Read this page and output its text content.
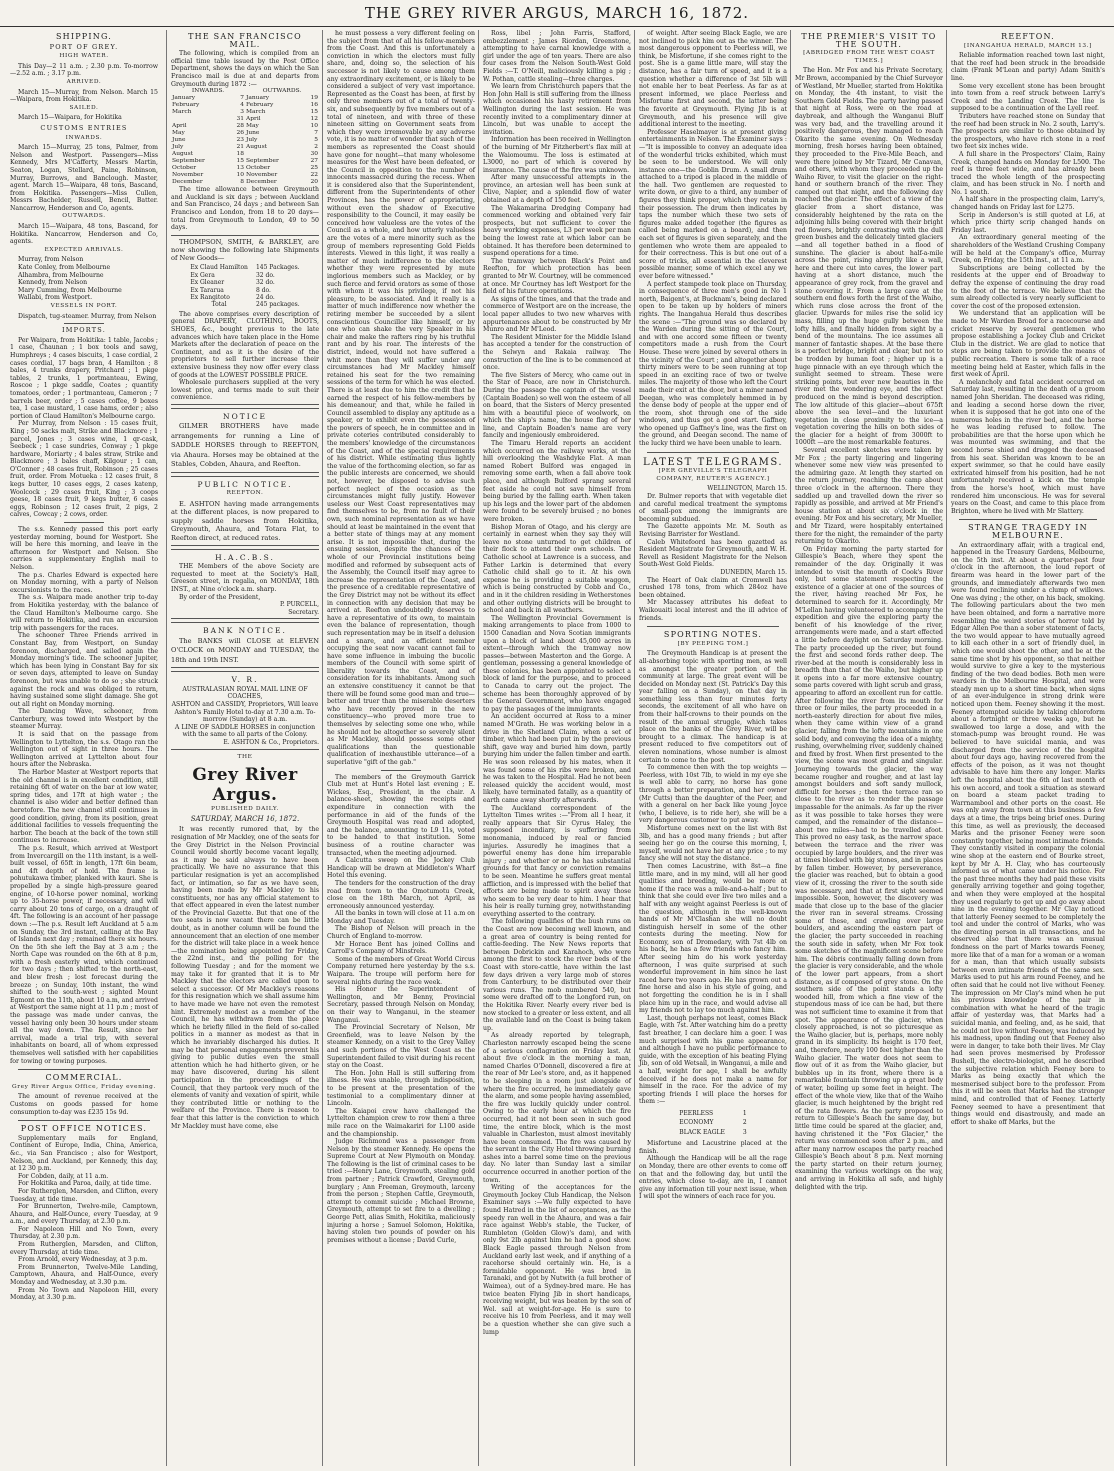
THE GREY RIVER ARGUS, MARCH 16, 1872.
SHIPPING.
PORT OF GREY.
HIGH WATER.

This Day—2 11 a.m. ; 2.30 p.m. To-morrow—2.52 a.m. ; 3.17 p.m.

ARRIVED.

March 15—Murray, from Nelson. March 15—Waipara, from Hokitika.

SAILED.

March 15—Waipara, for Hokitika

CUSTOMS ENTRIES
INWARDS.

March 15—Murray, 25 tons, Palmer, from Nelson and Westport. Passengers—Miss Kennedy, Mrs M'Cafferty, Messrs Martin, Seaton, Logan, Stellard, Paine, Robinson, Murray, Burrows, and Banclough. Master, agent. March 15—Waipara, 48 tons, Bascand, from Hokitika. Passengers—Miss Cullen, Messrs Bachelder, Russell, Bencil, Batter. Nancarrow, Henderson and Co, agents.

OUTWARDS.

March 15—Waipara, 48 tons, Bascand, for Hokitika. Nancarrow, Henderson and Co, agents.

EXPECTED ARRIVALS.

Murray, from Nelson

Kate Conley, from Melbourne

Alhambra, from Melbourne

Kennedy, from Nelson

Mary Cumming, from Melbourne

Wallabi, from Westport.

VESSELS IN PORT.

Dispatch, tug-steamer. Murray, from Nelson

IMPORTS.

Per Waipara, from Hokitika: 1 table, Jacobs ; 1 case, Chaunan ; 1 box tools and sawg, Humphreys ; 4 cases biscuits, 1 case cordial, 2 cases cordial, 17 bags bran, 4 Hamilton ; 8 bales, 4 trunks drapery, Pritchard ; 1 pkge tables, 2 trunks, 1 portmanteau, Ewing, Roscoe ; 1 pkge saddle, Coates ; quantity tomatoes, order ; 1 portmanteau, Cameron ; 7 barrels beer, order ; 5 cases coffee, 9 boxes tea, 1 case mustard, 1 case hams, order ; also portion of Claud Hamilton's Melbourne cargo.

Per Murray, from Nelson : 15 cases fruit, King ; 50 sacks malt, Strike and Blackmore ; 1 parcel, Jones ; 3 cases wine, 1 qr-cask, Seebeck ; 1 case sundries, Conway ; 1 pkge hardware, Moriarty ; 4 bales straw, Strike and Blackmore ; 3 bales chaff, Kilgour ; 1 can, O'Conner ; 48 cases fruit, Robinson ; 25 cases fruit, order. From Motueka : 12 cases fruit, 8 kegs butter, 10 cases eggs, 2 cases katenp, Woolcock ; 29 cases fruit, King ; 3 coops geese, 18 cases fruit, 9 kegs butter, 6 cases eggs, Robinson ; 12 cases fruit, 2 pigs, 2 calves, Cowcay ; 2 cows, order.

The s.s. Kennedy passed this port early yesterday morning, bound for Westport. She will be here this morning, and leave in the afternoon for Westport and Nelson. She carries a supplementary English mail to Nelson.

The p.s. Charles Edward is expected here on Monday morning, with a party of Nelson excursionists to the races.

The s.s. Waipara made another trip to-day from Hokitika yesterday, with the balance of the Claud Hamilton's Melbourne cargo. She will return to Hokitika, and run an excursion trip with passengers for the races.

The schooner Three Friends arrived in Constant Bay, from Westport, on Sunday forenoon, discharged, and sailed again the Monday morning's tide. The schooner Jupiter, which has been lying in Constant Bay for six or seven days, attempted to leave on Sunday forenoon, but was unable to do so ; she struck against the rock and was obliged to return, having sustained some slight damage. She got out all right on Monday morning.

The Dancing Wave, schooner, from Canterbury, was towed into Westport by the steamer Murray.

It is said that on the passage from Wellington to Lyttelton, the s.s. Otago ran the Wellington out of sight in three hours. The Wellington arrived at Lyttelton about four hours after the Nebraska.

The Harbor Master at Westport reports that the old channel is in excellent condition, still retaining 6ft of water on the bar at low water, spring tides, and 17ft at high water ; the channel is also wider and better defined than heretofore. The new channel still continues in good condition, giving, from its position, great additional facilities to vessels frequenting the harbor. The beach at the back of the town still continues to increase.

The p.s. Result, which arrived at Westport from Invercargill on the 11th instant, is a well-built vessel, of 65ft in length, 17ft 6in beam, and 4ft depth of hold. The frame is pohutukawa timber, planked with kauri. She is propelled by a single high-pressure geared engine, of 10-horse power nominal, working up to 35-horse power, if necessary, and will carry about 20 tons of cargo, on a draught of 4ft. The following is an account of her passage down :—The p.s. Result left Auckland at 5 a.m on Sunday, the 3rd instant, calling at the Bay of Islands next day ; remained there six hours. On the 5th she left the Bay at 3 a.m ; the North Cape was rounded on the 6th at 8 p.m, with a fresh easterly wind, which continued for two days ; then shifted to the north-east, and blew fresh ; lost forecast during the breeze ; on Sunday, 10th instant, the wind shifted to the south-west ; sighted Mount Egmont on the 11th, about 10 a.m, and arrived at Westport the same night at 11 p.m ; most of the passage was made under canvas, the vessel having only been 30 hours under steam all the way down. The Result, since her arrival, made a trial trip, with several inhabitants on board, all of whom expressed themselves well satisfied with her capabilities for towing or towing purposes.

COMMERCIAL.
Grey River Argus Office, Friday evening.

The amount of revenue received at the Customs on goods passed for home consumption to-day was £235 15s 9d.

POST OFFICE NOTICES.

Supplementary mails for England, Continent of Europe, India, China, America, &c., via San Francisco ; also for Westport, Nelson, and Auckland, per Kennedy, this day, at 12 30 p.m.

For Cobden, daily, at 11 a.m.

For Hokitika and Paroa, daily, at tide time.

For Rutherglen, Marsden, and Clifton, every Tuesday, at tide time.

For Brunnerton, Twelve-mile, Camptown, Ahaura, and Half-Ounce, every Tuesday, at 9 a.m., and every Thursday, at 2.30 p.m.

For Napoleon Hill and No Town, every Thursday, at 2.30 p.m.

From Rutherglen, Marsden, and Clifton, every Thursday, at tide time.

From Arnold, every Wednesday, at 3 p.m.

From Brunnerton, Twelve-Mile Landing, Camptown, Ahaura, and Half-Ounce, every Monday and Wednesday, at 3.30 p.m.

From No Town and Napoleon Hill, every Monday, at 3.30 p.m.

THE SAN FRANCISCO MAIL.

The following, which is compiled from an official time table issued by the Post Office Department, shows the days on which the San Francisco mail is due at and departs from Greymouth during 1872 :—

INWARDS.		OUTWARDS.	
January	7	January	19
February	4	February	16
March	3	March	15
	31	April	12
April	28	May	10
May	26	June	7
June	23	July	5
July	21	August	2
August	18		30
September	15	September	27
October	13	October	25
November	10	November	22
December	8	December	20

The time allowance between Greymouth and Auckland is six days ; between Auckland and San Francisco, 24 days ; and between San Francisco and London, from 18 to 20 days—total from Greymouth to London, 49 to 50 days.

THOMPSON, SMITH, & BARKLEY, are now showing the following late Shipments of New Goods—

Ex Claud Hamilton	145 Packages.
Ex Gera	32 do.
Ex Gleaner	32 do.
Ex Tararua	8 do.
Ex Rangitoto	24 do.
Total	245 packages.

The above comprises every description of general DRAPERY, CLOTHING, BOOTS, SHOES, &c., bought previous to the late advances which have taken place in the Home Markets after the declaration of peace on the Continent, and as it is the desire of the proprietors to sell further increase their extensive business they now offer every class of goods at the LOWEST POSSIBLE PRICE.

Wholesale purchasers supplied at the very lowest price, and terms made to suit their convenience.

NOTICE

GILMER BROTHERS have made arrangements for running a Line of SADDLE HORSES through to REEFTON, via Ahaura. Horses may be obtained at the Stables, Cobden, Ahaura, and Reefton.

PUBLIC NOTICE.
REEFTON.

E. ASHTON having made arrangements at the different places, is now prepared to supply saddle horses from Hokitika, Greymouth, Ahaura, and Totara Flat, to Reefton direct, at reduced rates.

H.A.C.B.S.

THE Members of the above Society are requested to meet at the Society's Hall, Greeson street, in regalia, on MONDAY, 18th INST., at Nine o'clock a.m. sharp.

By order of the President,

P. PURCELL,

Secretary.

BANK NOTICE.

The BANKS will CLOSE at ELEVEN O'CLOCK on MONDAY and TUESDAY, the 18th and 19th INST.

V. R.

AUSTRALASIAN ROYAL MAIL LINE OF COACHES,

ASHTON and CASSIDY, Proprietors, Will leave Ashton's Family Hotel to-day at 7.30 a.m. To-morrow (Sunday) at 8 a.m.

A LINE OF SADDLE HORSES in conjunction with the same to all parts of the Colony.

E. ASHTON & Co., Proprietors.

THE
Grey River Argus.
PUBLISHED DAILY.
SATURDAY, MARCH 16, 1872.

It was recently rumored that, by the resignation of Mr Mackley, one of the seats for the Grey District in the Nelson Provincial Council would shortly become vacant legally, as it may be said always to have been practically. We have no assurance that this particular resignation is yet an accomplished fact, or intimation, so far as we have seen, having been made by Mr Mackley to his constituents, nor has any official statement to that effect appeared in even the latest number of the Provincial Gazette. But that one of the two seats is now vacant there can be little doubt, as in another column will be found the announcement that an election of one member for the district will take place in a week hence—the nomination being appointed for Friday, the 22nd inst., and the polling for the following Tuesday ; and for the moment we may take it for granted that it is to Mr Mackley that the electors are called upon to select a successor. Of Mr Mackley's reasons for this resignation which we shall assume him to have made we have not even the remotest hint. Extremely modest as a member of the Council, he has withdrawn from the place which he briefly filled in the field of so-called politics in a manner as modest as that in which he invariably discharged his duties. It may be that personal engagements prevent his giving to public duties even the small attention which he had hitherto given, or he may have discovered, during his silent participation in the proceedings of the Council, that they partook very much of the elements of vanity and vexation of spirit, while they contributed little or nothing to the welfare of the Province. There is reason to fear that this latter is the conviction to which Mr Mackley must have come, else

he must possess a very different feeling on the subject from that of all his fellow-members from the Coast. And this is unfortunately a conviction in which the electors must fully share, and, doing so, the selection of his successor is not likely to cause among them any extraordinary excitement, or is likely to be considered a subject of very vast importance. Represented as the Coast has been, at first by only three members out of a total of twenty-six, and subsequently by five members out of a total of nineteen, and with three of these nineteen sitting on Government seats from which they were irremovable by any adverse vote, it is no matter of wonder that such of the members as represented the Coast should have gone for nought—that many wholesome measures for the West have been defeated, or the Council in opposition to the number of innocents massacred during the recess. When it is considered also that the Superintendent, different from the Superintendents of other Provinces, has the power of appropriating, without even the shadow of Executive responsibility to the Council, it may easily be conceived how valueless are the votes of the Council as a whole, and how utterly valueless are the votes of a mere minority such as the group of members representing Gold Fields interests. Viewed in this light, it was really a matter of much indifference to the electors whether they were represented by mute inglorious members such as Mackley, or by such fierce and fervid orators as some of those with whom it was his privilege, if not his pleasure, to be associated. And it really is a matter of much indifference now whether the retiring member be succeeded by a silent conscientious Councillor like himself, or by one who can shake the very Speaker in his chair and make the rafters ring by his truthful rant and by his roar. The interests of the district, indeed, would not have suffered a whit more than they will suffer under any circumstances had Mr Mackley himself retained his seat for the two remaining sessions of the term for which he was elected. There is at least due to him the credit that he earned the respect of his fellow-members by his demeanour, and that, while he failed in Council assembled to display any aptitude as a speaker, or to exhibit even the possession of the powers of speech, he in committee and in private coteries contributed considerably to the members' knowledge of the circumstances of the Coast, and of the special requirements of his district. While estimating thus lightly the value of the forthcoming election, so far as the public interests are concerned, we should not, however, be disposed to advise such perfect neglect of the occasion as the circumstances might fully justify. However useless our West Coast representatives may find themselves to be, from no fault of their own, such nominal representation as we have should at least be maintained in the event that a better state of things may at any moment arise. It is not impossible that, during the ensuing session, despite the chances of the whole of our Provincial institutions being modified and reformed by subsequent acts of the Assembly, the Council itself may agree to increase the representation of the Coast, and the presence of a creditable representative of the Grey District may not be without its effect in connection with any decision that may be arrived at. Reefton undoubtedly deserves to have a representative of its own, to maintain even the balance of representation, though such representation may be in itself a delusion and a snare, and an efficient member occupying the seat now vacant cannot fail to have some influence in imbuing the bucolic members of the Council with some spirit of liberality towards the Coast, and of consideration for its inhabitants. Among such an extensive constituency it cannot be that there will be found some good man and true—better and truer than the miserable deserters who have recently proved in the new constituency—who proved more true to themselves by selecting some one who, while he should not be altogether so severely silent as Mr Mackley, should possess some other qualifications than the questionable qualification of inexhaustible utterance—of a superlative "gift of the gab."

The members of the Greymouth Garrick Club met at Hunt's Hotel last evening ; E. Wickes, Esq., President, in the chair. A balance-sheet, showing the receipts and expenditure in connection with the performance in aid of the funds of the Greymouth Hospital was read and adopted, and the balance, amounting to L9 11s, voted to be handed to that institution. Some business of a routine character was transacted, when the meeting adjourned.

A Calcutta sweep on the Jockey Club Handicap will be drawn at Middleton's Wharf Hotel this evening.

The tenders for the construction of the dray road from town to the Omotumotu Creek, close on the 18th March, not April, as erroneously announced yesterday.

All the banks in town will close at 11 a.m on Monday and Tuesday.

The Bishop of Nelson will preach in the Church of England to-morrow.

Mr Horace Bent has joined Collins and Carroll's Company of Minstrels.

Some of the members of Great World Circus Company returned here yesterday by the s.s. Waipara. The troupe will perform here for several nights during the race week.

His Honor the Superintendent of Wellington, and Mr Benny, Provincial Secretary, passed through Nelson on Monday, on their way to Wanganui, in the steamer Wanganui.

The Provincial Secretary of Nelson, Mr Greenfield, was to leave Nelson by the steamer Kennedy, on a visit to the Grey Valley and such portions of the West Coast as the Superintendent failed to visit during his recent stay on the Coast.

The Hon. John Hall is still suffering from illness. He was unable, through indisposition, to be present at the presentation of the testimonial to a complimentary dinner at Lincoln.

The Kaiapoi crew have challenged the Lyttelton champion crew to row them a three mile race on the Waimakariri for L100 aside and the championship.

Judge Richmond was a passenger from Nelson by the steamer Kennedy. He opens the Supreme Court at New Plymouth on Monday. The following is the list of criminal cases to be tried :—Henry Lane, Greymouth, stealing gold from partner ; Patrick Crawford, Greymouth, burglary ; Ann Freeman, Greymouth, larceny from the person ; Stephen Cattle, Greymouth, attempt to commit suicide ; Michael Browne, Greymouth, attempt to set fire to a dwelling ; George Pett, alias Smith, Hokitika, maliciously injuring a horse ; Samuel Solomon, Hokitika, having stolen two pounds of powder on his premises without a license ; David Curle,

Ross, libel ; John Farris, Stafford, embezzlement ; James Riordan, Greenstone, attempting to have carnal knowledge with a girl under the age of ten years. There are also four cases from the Nelson South-West Gold Fields :—T. O'Neill, maliciously killing a pig ; W. Pothan, cattle stealing—three charges.

We learn from Christchurch papers that the Hon John Hall is still suffering from the illness which occasioned his hasty retirement from Wellington during the last session. He was recently invited to a complimentary dinner at Lincoln, but was unable to accept the invitation.

Information has been received in Wellington of the burning of Mr Fitzherbert's flax mill at the Waiomoumu. The loss is estimated at L3000, no part of which is covered by insurance. The cause of the fire was unknown.

After many unsuccessful attempts in the province, an artesian well has been sunk at Clive, Napier, and a splendid flow of water obtained at a depth of 150 feet.

The Wakamarina Dredging Company had commenced working and obtained very fair prospects, but not sufficient to cover the heavy working expenses, L3 per week per man being the lowest rate at which labor can be obtained. It has therefore been determined to suspend operations for a time.

The tramway between Black's Point and Reefton, for which protection has been granted to Mr W. Courtney, will be commenced at once. Mr Courtney has left Westport for the field of his future operations.

As signs of the times, and that the trade and commerce of Westport are on the increase, the local paper alludes to two new wharves with appurtenances about to be constructed by Mr Munro and Mr M'Leod.

The Resident Minister for the Middle Island has accepted a tender for the construction of the Selwyn and Rakaia railway. The construction of the line is to be commenced at once.

The five Sisters of Mercy, who came out in the Star of Peace, are now in Christchurch. During the passage the captain of the vessel (Captain Boaden) so well won the esteem of all on board, that the Sisters of Mercy presented him with a beautiful piece of woolwork, on which the ship's name, the house flag of her line, and Captain Boaden's name are very fancily and ingeniously embroidered.

The Timaru Herald reports an accident which occurred on the railway works, at the hill overlooking the Washdyke Flat. A man named Robert Bulford was engaged in removing some earth, when a fall above took place, and although Bulford sprang several feet aside he could not save himself from being buried by the falling earth. When taken up his legs and the lower part of the abdomen were found to be severely bruised ; no bones were broken.

Bishop Moran of Otago, and his clergy are certainly in earnest when they say they will leave no stone unturned to get children of their flock to attend their own schools. The Catholic school at Lawrence is a success, and Father Larkin is determined that every Catholic child shall go to it. At his own expense he is providing a suitable waggon, which is being constructed by Cobb and Co., and in it the children residing in Wetherstones and other outlying districts will be brought to school and back in all weathers.

The Wellington Provincial Government is making arrangements to place from 1000 to 1500 Canadian and Nova Scotian immigrants upon a block of land about 45,000 acres in extent—through which the tramway now passes—between Masterton and the Gorge. A gentleman, possessing a general knowledge of these colonies, has been appointed to select a block of land for the purpose, and to proceed to Canada to carry out the project. The scheme has been thoroughly approved of by the General Government, who have engaged to pay the passages of the immigrants.

An accident occurred at Ross to a miner named M'Grath. He was working below in a drive in the Shetland Claim, when a set of timber, which had been put in by the previous shift, gave way and buried him down, partly burying him under the fallen timber and earth. He was soon released by his mates, when it was found some of his ribs were broken, and he was taken to the Hospital. Had he not been released quickly the accident would, most likely, have terminated fatally, as a quantity of earth came away shortly afterwards.

The Auckland correspondent of the Lyttelton Times writes :—"From all I hear, it really appears that Sir Cyrus Haley, the supposed incendiary, is suffering from monomania, induced by real or fancied injuries. Assuredly he imagines that a powerful enemy has done him irreparable injury ; and whether or no he has substantial grounds for that fancy or conviction remains to be seen. Meantime he suffers great mental affliction, and is impressed with the belief that efforts are being made to spirit away those who seem to be very dear to him. I hear that his heir is really turning grey, notwithstanding everything asserted to the contrary.

The following qualifies of the bush runs on the Coast are now becoming well known, and a great area of country is being rented for cattle-feeding. The New News reports that between Dobrickin and Karahoch, who were among the first to stock the river beds of the Coast with store-cattle, have within the last few days driven a very large mob of stores from Canterbury, to be distributed over their various runs. The mob numbered 540, but some were drafted off to the Longford run, on the Hokitika River. Nearly every river bed is now stocked to a greater or less extent, and all the available land on the Coast is being taken up.

As already reported by telegraph, Charleston narrowly escaped being the scene of a serious conflagration on Friday last. At about five o'clock in the morning a man, named Charles O'Donnell, discovered a fire at the rear of Mr Lee's store, and, as it happened to be sleeping in a room just alongside of where the fire occurred, he immediately gave the alarm, and some people having assembled, the fire was luckily quickly under control. Owing to the early hour at which the fire occurred, had it not been seen in such good time, the entire block, which is the most valuable in Charleston, must almost inevitably have been consumed. The fire was caused by the servant in the City Hotel throwing burning ashes into a barrel some time on the previous day. No later than Sunday last a similar occurrence occurred in another portion of the town.

Writing of the acceptances for the Greymouth Jockey Club Handicap, the Nelson Examiner says :—We fully expected to have found Hatred in the list of acceptances, as the speedy ran well in the Ahaura, and was a fair race against Webb's stable, the Tucker, of Rumbleton (Golden Glow)'s dam), and with only 9st 2lb against him he had a good show. Black Eagle passed through Nelson from Auckland early last week, and if anything of a racehorse should certainly win. He, is a formidable opponent. He was bred in Taranaki, and got by Nutwith (a full brother of Waimea), out of a Sydney-bred mare. He has twice beaten Flying Jib in short handicaps, receiving weight, but was beaten by the son of Wel. sail at weight-for-age. He is sure to receive his 10 from Peerless, and it may well be a question whether she can give such a lump

of weight. After seeing Black Eagle, we are not inclined to pick him out as the winner. The most dangerous opponent to Peerless will, we think, be Misfortune, if she comes right to the post. She is a game little mare, will stay the distance, has a fair turn of speed, and it is a question whether a difference of 3st 5lb will not enable her to beat Peerless. As far as at present informed, we place Peerless and Misfortune first and second, the latter being the favorite at Greymouth. Flying Jib is at Greymouth, and his presence will give additional interest to the meeting.

Professor Haselmayer is at present giving entertainments in Nelson. The Examiner says :—"It is impossible to convey an adequate idea of the wonderful tricks exhibited, which must be seen to be understood. We will only instance one—the Goblin Drum. A small drum attached to a tripod is placed in the middle of the hall. Two gentlemen are requested to write down, or give to a third, any number of figures they think proper, which they retain in their possession. The drum then indicates by taps the number which these two sets of figures make added together (the figures as called being marked on a board), and then each set of figures is given separately, and the gentlemen who wrote them are appealed to for their correctness. This is but one out of a score of tricks, all essential in the cleverest possible manner, some of which excel any we ever before witnessed."

A perfect stampede took place on Thursday, in consequence of three men's good in No 1 north, Baigent's, at Bucknam's, being declared open to be taken up by holders of miners rights. The Inangahua Herald thus describes the scene :—"The ground was so declared by the Warden during the sitting of the Court, and with one accord some fifteen or twenty competitors made a rush from the Court House. These were joined by several others in the vicinity of the Court ; and altogether about thirty miners were to be seen running at top speed in an exciting race of two or twelve miles. The majority of those who left the Court made their exit at the door, but a miner named Deegan, who was completely hemmed in by the dense body of people at the upper end of the room, shot through one of the side windows, and thus got a good start. Gaffney, who opened up Gaffney's line, was the first on the ground, and Deegan second. The name of the lucky third we have been unable to learn.

LATEST TELEGRAMS.
[PER GREVILLE'S TELEGRAPH COMPANY, REUTER'S AGENCY.]

WELLINGTON, March 15.

Dr. Bulmer reports that with vegetable diet and careful medical treatment the symptoms of small-pox among the immigrants are becoming subdued.

The Gazette appoints Mr. M. South as Revising Barrister for Westland.

Caleb Whitefoord has been gazetted as Resident Magistrate for Greymouth, and W. H. Revell as Resident Magistrate for the Nelson South-West Gold Fields.

DUNEDIN, March 15.

The Heart of Oak claim at Cromwell has crushed 178 tons, from which 284oz have been obtained.

Mr Macassey attributes his defeat to Waikouaiti local interest and the ill advice of friends.

SPORTING NOTES.
[BY PEEPING TOM.]

The Greymouth Handicap is at present the all-absorbing topic with sporting men, as well as amongst the greater portion of the community at large. The great event will be decided on Monday next (St. Patrick's Day this year falling on a Sunday), on that day in something less than four minutes forty seconds, the excitement of all who have on from their half-crowns to their pounds on the result of the annual struggle, which takes place on the banks of the Grey River, will be brought to a climax. The handicap is at present reduced to five competitors out of eleven nominations, whose number is almost certain to come to the post.

To commence then with the top weights —Peerless, with 10st 7lb, to wield in my eye she is well able to carry, no horse has gone through a better preparation, and her owner (Mr Cutts) than the daughter of the Peer, and with a general on her back like young Joyce (who, I believe, is to ride her), she will be a very dangerous customer to put away.

Misfortune comes next on the list with 8st 3lb, and has a good many friends ; but after seeing her go on the course this morning, I, myself, would not have her at any price ; to my fancy she will not stay the distance.

Then comes Lacustrine, with 8st—a fine little mare, and in my mind, will all her good qualities and breeding, would be more at home if the race was a mile-and-a-half ; but to think that she could ever live two miles and a half with any weight against Peerless is out of the question, although in the well-known hands of Mr M'Clashan she will no doubt distinguish herself in some of the other contests during the meeting. Now for Economy, son of Dromedary, with 7st 4lb on his back, he has a few friends who fancy him. After seeing him do his work yesterday afternoon, I was quite surprised at such wonderful improvement in him since he last raced here two years ago. He has grown out a fine horse and also in his style of going, and not forgetting the condition he is in I shall place him up in the race, and would advise all my friends not to lay too much against him.

Last, though perhaps not least, comes Black Eagle, with 7st. After watching him do a pretty fast breather, I can declare him a goer. I was much surprised with his game appearance, and although I have no public performance to guide, with the exception of his beating Flying Jib, son of old Wetsail, in Wanganui, a mile and a half, weight for age, I shall be awfully deceived if he does not make a name for himself in the race. For the advice of my sporting friends I will place the horses for them :—

PEERLESS	1
ECONOMY	2
BLACK EAGLE	3

Misfortune and Lacustrine placed at the finish.

Although the Handicap will be all the rage on Monday, there are other events to come off on that and the following day, but until the entries, which close to-day, are in, I cannot give any information till your next issue, when I will spot the winners of each race for you.

THE PREMIER'S VISIT TO THE SOUTH.
[ABRIDGED FROM THE WEST COAST TIMES.]

The Hon. Mr Fox and his Private Secretary, Mr Brown, accompanied by the Chief Surveyor of Westland, Mr Mueller, started from Hokitika on Monday, the 4th instant, to visit the Southern Gold Fields. The party having passed that night at Ross, were on the road at daybreak, and although the Wanganui Bluff was very bad, and the travelling around it positively dangerous, they managed to reach Okarito the same evening. On Wednesday morning, fresh horses having been obtained, they proceeded to the Five-Mile Beach, and were there joined by Mr Tizard, Mr Canavan, and others, with whom they proceeded up the Waiho River, to visit the glacier on the right-hand or southern branch of the river. They camped out that night, and the following day reached the glacier. The effect of a view of the glacier from a short distance, was considerably heightened by the rata on the adjoining hills being covered with their bright red flowers, brightly contrasting with the dull green bushes and the delicately tinted glaciers—and all together bathed in a flood of sunshine. The glacier is about half-a-mile across the point, rising abruptly like a wall, here and there cut into caves, the lower part having at a short distance, much the appearance of grey rock, from the gravel and stone covering it. From a large cave at the southern end flows forth the first of the Waiho, which runs close across the front of the glacier. Upwards for miles rise the solid icy mass, filling up the huge gully between the lofty hills, and finally hidden from sight by a bend of the mountains. The ice assumes all manner of fantastic shapes. At the base there is a perfect bridge, bright and clear, but not to be trodden by human foot ; higher up is a huge pinnacle with an eye through which the sunlight seemed to stream. These were striking points, but ever new beauties in the river met the wondering eye, and the effect produced on the mind is beyond description. The low altitude of this glacier—about 675ft above the sea level—and the luxuriant vegetation in close proximity to the ice—a vegetation covering the hills on both sides of the glacier for a height of from 3000ft to 1000ft —are the most remarkable features.

Several excellent sketches were taken by Mr Fox ; the party lingering and lingering whenever some new view was presented to the admiring gaze. At length they started on the return journey, reaching the camp about three o'clock in the afternoon. There they saddled up and travelled down the river so rapidly as possible, and arrived at Mr Friend's house station at about six o'clock in the evening. Mr Fox and his secretary, Mr Mueller, and Mr Tizard, were hospitably entertained there for the night, the remainder of the party returning to Okarito.

On Friday morning the party started for Gillespie's Beach, where they spent the remainder of the day. Originally it was intended to visit the mouth of Cook's River only, but some statement respecting the existence of a glacier at one of the sources of the river, having reached Mr Fox, he determined to search for it. Accordingly, Mr M'Lellan having volunteered to accompany the expedition and give the exploring party the benefit of his knowledge of the river, arrangements were made, and a start effected a little before daylight on Saturday morning. The party proceeded up the river, but found the first and second fords rather deep. The river-bed at the mouth is considerably less in breadth than that of the Waiho, but higher up it opens into a far more extensive country, some parts covered with light scrub and grass, appearing to afford an excellent run for cattle. After following the river from its mouth for three or four miles, the party proceeded in a north-easterly direction for about five miles, when they came within view of a grand glacier, falling from the lofty mountains in one solid body, and conveying the idea of a mighty, rushing, overwhelming river, suddenly chained and fixed by frost. When first presented to the view, the scene was most grand and singular. Journeying towards the glacier, the way became rougher and rougher, and at last lay amongst boulders and soft sandy mullock, difficult for horses ; then the terrace ran so close to the river as to render the passage impassable for the animals. As far up the river as it was possible to take horses they were camped, and the remainder of the distance—about two miles—had to be travelled afoot. This proved no easy task, as the narrow space between the terrace and the river was occupied by large boulders, and the river was at times blocked with big stones, and in places by fallen timber. However, by perseverance, the glacier was reached, but to obtain a good view of it, crossing the river to the south side was necessary, and that at first sight seemed impossible. Soon, however, the discovery was made that close up to the base of the glacier the river ran in several streams. Crossing some of these, and crawling over large boulders, and ascending the eastern part of the glacier, the party succeeded in reaching the south side in safety, when Mr Fox took some sketches of the magnificent scene before him. The débris continually falling down from the glacier is very considerable, and the whole of the lower part appears, from a short distance, as if composed of grey stone. On the southern side of the point stands a lofty wooded hill, from which a fine view of the stupendous mass of ice can be had, but there was not sufficient time to examine it from that spot. The appearance of the glacier, when closely approached, is not so picturesque as the Waiho glacier, but is, perhaps, more nobly grand in its simplicity. Its height is 170 feet, and, therefore, nearly 100 feet higher than the Waiho glacier. The water does not seem to flow out of it as from the Waiho glacier, but bubbles up in its front, where there is a remarkable fountain throwing up a great body of water, boiling up some feet in height. The effect of the whole view, like that of the Waiho glacier, is much heightened by the bright red of the rata flowers. As the party proposed to return to Gillespie's Beach the same day, but little time could be spared at the glacier, and, having christened it the "Fox Glacier," the return was commenced soon after 2 p.m., and after many narrow escapes the party reached Gillespie's Beach about 8 p.m. Next morning the party started on their return journey, examining the various workings on the way, and arriving in Hokitika all safe, and highly delighted with the trip.

REEFTON.
[INANGAHUA HERALD, MARCH 13.]

Reliable information reached town last night, that the reef had been struck in the broadside claim (Frank M'Lean and party) Adam Smith's line.

Some very excellent stone has been brought into town from a reef struck between Larry's Creek and the Landing Creek. The line is supposed to be a continuation of the Lyell reef.

Tributers have reached stone on Sunday that the reef had been struck in No. 2 south, Larry's. The prospects are similar to those obtained by the prospectors, who have rich stone in a reef two feet six inches wide.

A full share in the Prospectors' Claim, Rainy Creek, changed hands on Monday for L500. The reef is three feet wide, and has already been traced the whole length of the prospecting claim, and has been struck in No. 1 north and No. 1 south.

A half share in the prospecting claim, Larry's, changed hands on Friday last for L275.

Scrip in Anderson's is still quoted at L6, at which price thirty scrip changed hands on Friday last.

An extraordinary general meeting of the shareholders of the Westland Crushing Company will be held at the Company's office, Murray Creek, on Friday, the 15th inst., at 11 a.m.

Subscriptions are being collected by the residents at the upper end of Broadway to defray the expense of continuing the dray road to the foot of the terrace. We believe that the sum already collected is very nearly sufficient to cover the cost of the proposed extension.

We understand that an application will be made to Mr Warden Broad for a racecourse and cricket reserve by several gentlemen who propose establishing a Jockey Club and Cricket Club in the district. We are glad to notice that steps are being taken to provide the means of public recreation. There is some talk of a race meeting being held at Easter, which falls in the first week of April.

A melancholy and fatal accident occurred on Saturday last, resulting in the death of a groom named John Sheridan. The deceased was riding, and leading a second horse down the river, when it is supposed that he got into one of the numerous holes in the river bed, and the horse he was leading refused to follow. The probabilities are that the horse upon which he was mounted was swimming, and that the second horse shied and dragged the deceased from his seat. Sheridan was known to be an expert swimmer, so that he could have easily extricated himself from his position, had he not unfortunately received a kick on the temple from the horse's hoof, which must have rendered him unconscious. He was for several years on the Coast, and came to this place from Brighton, where he lived with Mr Slattery.

STRANGE TRAGEDY IN MELBOURNE.

An extraordinary affair, with a tragical end, happened in the Treasury Gardens, Melbourne, on the 5th inst. At about a quarter-past four o'clock in the afternoon, the loud report of firearm was heard in the lower part of the grounds, and immediately afterwards two men were found reclining under a clump of willows. One was dying ; the other, on his back, smoking. The following particulars about the two men have been obtained, and form a narrative more resembling the weird stories of horror told by Edgar Allen Poe than a sober statement of facts, the two would appear to have mutually agreed to kill each other in a sort of friendly duel, in which one would shoot the other, and be at the same time shot by his opponent, so that neither would survive to give a key to the mysterious finding of the two dead bodies. Both men were warders in the Melbourne Hospital, and were steady men up to a short time back, when signs of an ever-indulgence in strong drink were noticed upon them. Feeney showing it the most. Feeney attempted suicide by taking chloroform about a fortnight or three weeks ago, but he swallowed too large a dose, and with the stomach-pump was brought round. He was believed to have suicidal mania, and was discharged from the service of the hospital about four days ago, having recovered from the effects of the poison, as it was not thought advisable to have him there any longer. Marks left the hospital about the 6th of last month of his own accord, and took a situation as steward on board a steam packet trading to Warrnambool and other ports on the coast. He was only away from town at this business a few days at a time, the trips being brief ones. During this time, as well as previously, the deceased Marks and the prisoner Feeney were soon constantly together, being most intimate friends. They constantly visited in company the colonial wine shop at the eastern end of Bourke street, kept by Mr A. H. Clay, who has courteously informed us of what came under his notice. For the past three months they had paid these visits generally arriving together and going together, and when they were employed at the hospital they used regularly to get up and go away about nine in the evening together. Mr Clay noticed that latterly Feeney seemed to be completely the tool and under the control of Marks, who was the directing person in all transactions, and he observed also that there was an unusual fondness on the part of Marks towards Feeney, more like that of a man for a woman or a woman for a man, than that which usually subsists between even intimate friends of the same sex. Marks used to put his arm round Feeney, and he often said that he could not live without Feeney. The impression on Mr Clay's mind when he put his previous knowledge of the pair in combination with what he heard of the tragic affair of yesterday was, that Marks had a suicidal mania, and feeling, and, as he said, that he could not live without Feeney, was induced by his madness, upon finding out that Feeney also were in danger, to take both their lives. Mr Clay had seen proves mesmerised by Professor Bushell, the electro-biologist, and he described the subjective relation which Feeney bore to Marks as being exactly that which the mesmerised subject bore to the professor. From this it will be seen that Marks had the stronger mind, and controlled that of Feeney. Latterly Feeney seemed to have a presentiment that things would end disastrously, and made an effort to shake off Marks, but the
